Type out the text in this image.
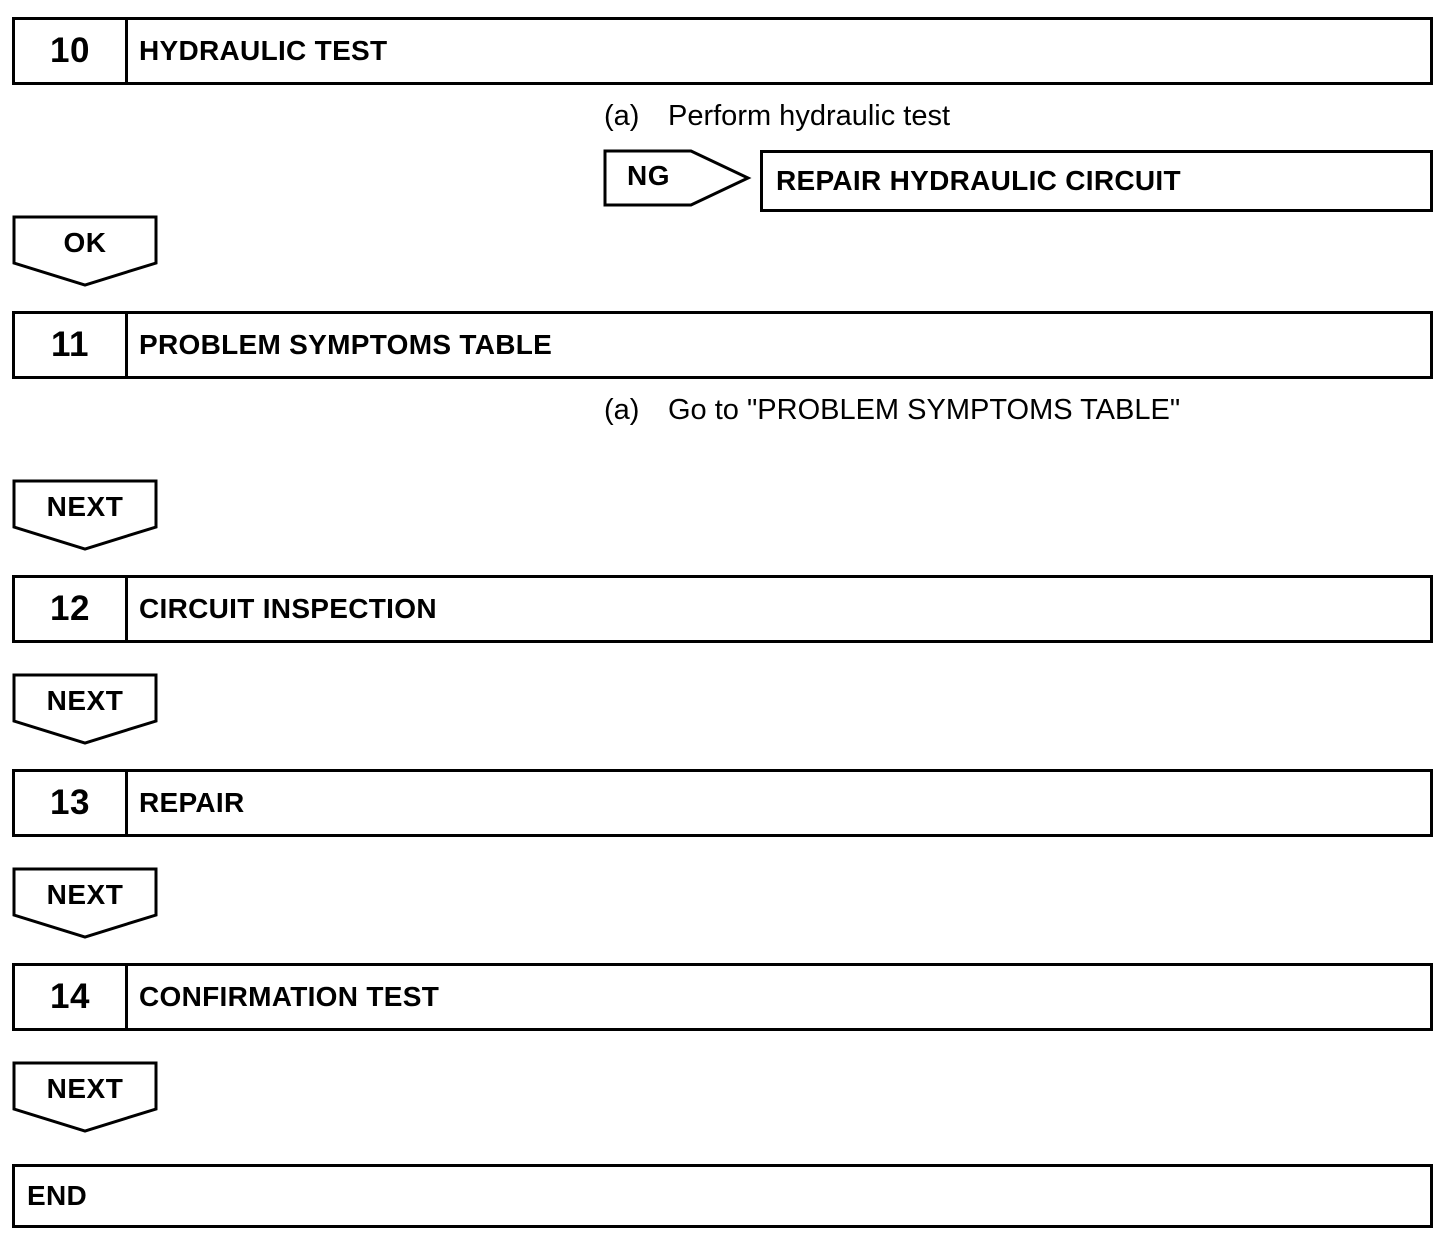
10	HYDRAULIC TEST
(a) Perform hydraulic test
NG	REPAIR HYDRAULIC CIRCUIT
OK
11	PROBLEM SYMPTOMS TABLE
(a) Go to "PROBLEM SYMPTOMS TABLE"
NEXT
12	CIRCUIT INSPECTION
NEXT
13	REPAIR
NEXT
14	CONFIRMATION TEST
NEXT
END
